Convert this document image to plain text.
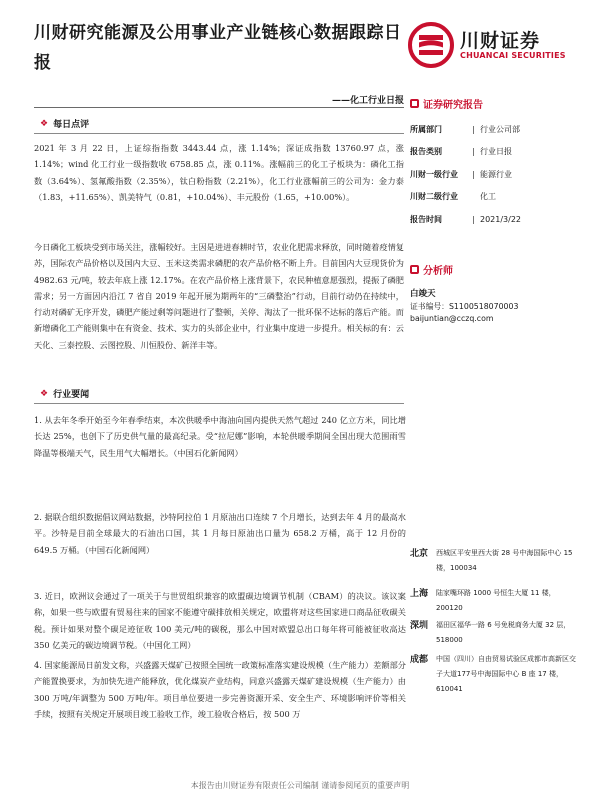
川财研究能源及公用事业产业链核心数据跟踪日报
川财证券
CHUANCAI SECURITIES
——化工行业日报
❖ 每日点评
2021 年 3 月 22 日，上证综指指数 3443.44 点，涨 1.14%；深证成指数 13760.97 点，涨 1.14%；wind 化工行业一级指数收 6758.85 点，涨 0.11%。涨幅前三的化工子板块为：磷化工指数（3.64%）、氢氟酸指数（2.35%），钛白粉指数（2.21%），化工行业涨幅前三的公司为：金力泰（1.83，+11.65%）、凯美特气（0.81，+10.04%）、丰元股份（1.65，+10.00%）。
今日磷化工板块受到市场关注，涨幅较好。主因是进进春耕时节，农业化肥需求释放，同时随着疫情复苏，国际农产品价格以及国内大豆、玉米这类需求磷肥的农产品价格不断上升。目前国内大豆现货价为 4982.63 元/吨，较去年底上涨 12.17%。在农产品价格上涨背景下，农民种植意愿强烈，提振了磷肥需求；另一方面因内沿江 7 省自 2019 年起开展为期两年的“三磷整治”行动，目前行动仍在持续中，行动对磷矿无序开发，磷肥产能过剩等问题进行了整顿，关停、淘汰了一批环保不达标的落后产能。而新增磷化工产能则集中在有资金、技术、实力的头部企业中，行业集中度进一步提升。相关标的有：云天化、三泰控股、云图控股、川恒股份、新洋丰等。
❖ 行业要闻
1. 从去年冬季开始至今年春季结束，本次供暖季中海油向国内提供天然气超过 240 亿立方米，同比增长达 25%，也创下了历史供气量的最高纪录。受“拉尼娜”影响，本轮供暖季期间全国出现大范围雨雪降温等极端天气，民生用气大幅增长。（中国石化新闻网）
2. 据联合组织数据倡议网站数据，沙特阿拉伯 1 月原油出口连续 7 个月增长，达到去年 4 月的最高水平。沙特是目前全球最大的石油出口国，其 1 月每日原油出口量为 658.2 万桶，高于 12 月份的 649.5 万桶。（中国石化新闻网）
3. 近日，欧洲议会通过了一项关于与世贸组织兼容的欧盟碳边境调节机制（CBAM）的决议。该议案称，如果一些与欧盟有贸易往来的国家不能遵守碳排放相关规定，欧盟将对这些国家进口商品征收碳关税。预计如果对整个碳足迹征收 100 美元/吨的碳税，那么中国对欧盟总出口每年将可能被征收高达 350 亿美元的碳边境调节税。（中国化工网）
4. 国家能源局日前发文称，兴盛露天煤矿已按照全国统一政策标准落实建设规模（生产能力）差额部分产能置换要求，为加快先进产能释放，优化煤炭产业结构，同意兴盛露天煤矿建设规模（生产能力）由 300 万吨/年调整为 500 万吨/年。项目单位要进一步完善资源开采、安全生产、环境影响评价等相关手续，按照有关规定开展项目竣工验收工作，竣工验收合格后，按 500 万
证券研究报告
所属部门	| 行业公司部
报告类别	| 行业日报
川财一级行业	| 能源行业
川财二级行业	化工
报告时间	| 2021/3/22
分析师
白竣天
证书编号：S1100518070003
baijuntian@cczq.com
北京 西城区平安里西大街 28 号中海国际中心 15 楼，100034
上海 陆家嘴环路 1000 号恒生大厦 11 楼，200120
深圳 福田区福华一路 6 号免税商务大厦 32 层，518000
成都 中国（四川）自由贸易试验区成都市高新区交子大道177号中海国际中心 B 座 17 楼，610041
本报告由川财证券有限责任公司编制 谨请参阅尾页的重要声明
